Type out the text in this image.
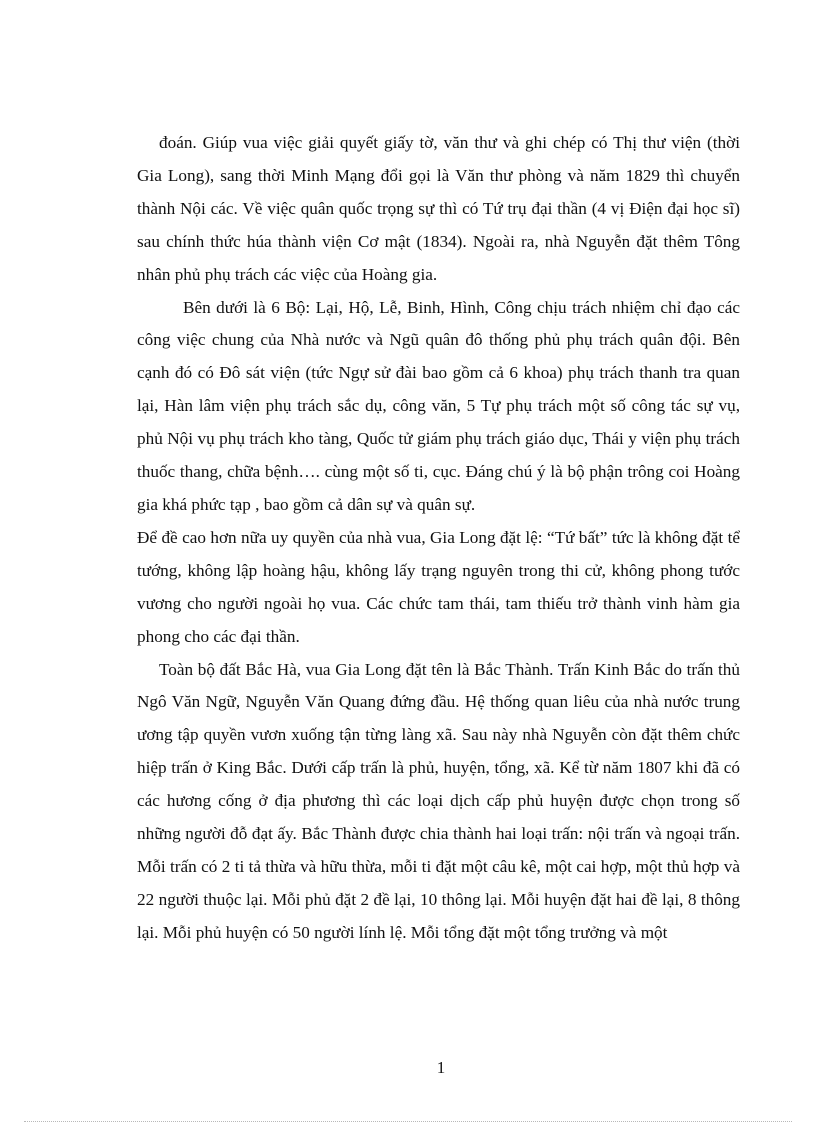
đoán. Giúp vua việc giải quyết giấy tờ, văn thư và ghi chép có Thị thư viện (thời Gia Long), sang thời Minh Mạng đổi gọi là Văn thư phòng và năm 1829 thì chuyển thành Nội các. Về việc quân quốc trọng sự thì có Tứ trụ đại thần (4 vị Điện đại học sĩ) sau chính thức húa thành viện Cơ mật (1834). Ngoài ra, nhà Nguyễn đặt thêm Tông nhân phủ phụ trách các việc của Hoàng gia.

Bên dưới là 6 Bộ: Lại, Hộ, Lễ, Binh, Hình, Công chịu trách nhiệm chỉ đạo các công việc chung của Nhà nước và Ngũ quân đô thống phủ phụ trách quân đội. Bên cạnh đó có Đô sát viện (tức Ngự sử đài bao gồm cả 6 khoa) phụ trách thanh tra quan lại, Hàn lâm viện phụ trách sắc dụ, công văn, 5 Tự phụ trách một số công tác sự vụ, phủ Nội vụ phụ trách kho tàng, Quốc tử giám phụ trách giáo dục, Thái y viện phụ trách thuốc thang, chữa bệnh…. cùng một số ti, cục. Đáng chú ý là bộ phận trông coi Hoàng gia khá phức tạp , bao gồm cả dân sự và quân sự.

Để đề cao hơn nữa uy quyền của nhà vua, Gia Long đặt lệ: “Tứ bất” tức là không đặt tể tướng, không lập hoàng hậu, không lấy trạng nguyên trong thi cử, không phong tước vương cho người ngoài họ vua. Các chức tam thái, tam thiếu trở thành vinh hàm gia phong cho các đại thần.

Toàn bộ đất Bắc Hà, vua Gia Long đặt tên là Bắc Thành. Trấn Kinh Bắc do trấn thủ Ngô Văn Ngữ, Nguyễn Văn Quang đứng đầu. Hệ thống quan liêu của nhà nước trung ương tập quyền vươn xuống tận từng làng xã. Sau này nhà Nguyễn còn đặt thêm chức hiệp trấn ở King Bắc. Dưới cấp trấn là phủ, huyện, tổng, xã. Kể từ năm 1807 khi đã có các hương cống ở địa phương thì các loại dịch cấp phủ huyện được chọn trong số những người đỗ đạt ấy. Bắc Thành được chia thành hai loại trấn: nội trấn và ngoại trấn. Mỗi trấn có 2 ti tả thừa và hữu thừa, mỗi ti đặt một câu kê, một cai hợp, một thủ hợp và 22 người thuộc lại. Mỗi phủ đặt 2 đề lại, 10 thông lại. Mỗi huyện đặt hai đề lại, 8 thông lại. Mỗi phủ huyện có 50 người lính lệ. Mỗi tổng đặt một tổng trưởng và một

1
